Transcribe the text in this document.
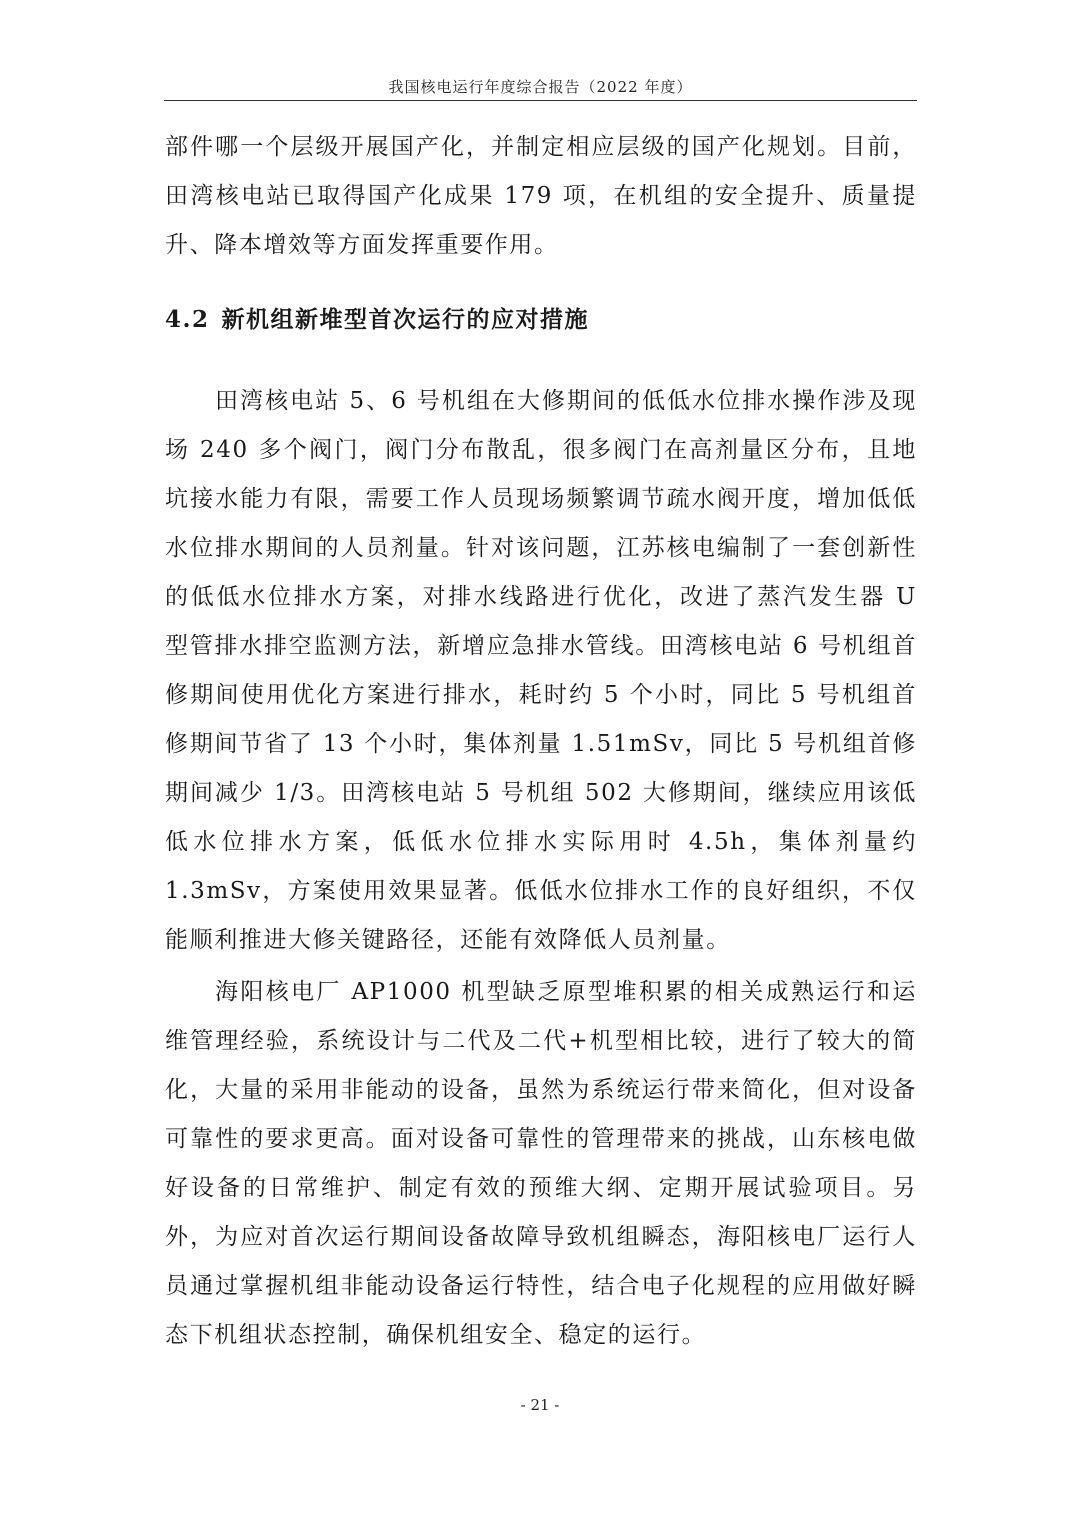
我国核电运行年度综合报告（2022 年度）

部件哪一个层级开展国产化，并制定相应层级的国产化规划。目前，田湾核电站已取得国产化成果 179 项，在机组的安全提升、质量提升、降本增效等方面发挥重要作用。

4.2 新机组新堆型首次运行的应对措施

田湾核电站 5、6 号机组在大修期间的低低水位排水操作涉及现场 240 多个阀门，阀门分布散乱，很多阀门在高剂量区分布，且地坑接水能力有限，需要工作人员现场频繁调节疏水阀开度，增加低低水位排水期间的人员剂量。针对该问题，江苏核电编制了一套创新性的低低水位排水方案，对排水线路进行优化，改进了蒸汽发生器 U 型管排水排空监测方法，新增应急排水管线。田湾核电站 6 号机组首修期间使用优化方案进行排水，耗时约 5 个小时，同比 5 号机组首修期间节省了 13 个小时，集体剂量 1.51mSv，同比 5 号机组首修期间减少 1/3。田湾核电站 5 号机组 502 大修期间，继续应用该低低水位排水方案，低低水位排水实际用时 4.5h，集体剂量约 1.3mSv，方案使用效果显著。低低水位排水工作的良好组织，不仅能顺利推进大修关键路径，还能有效降低人员剂量。

海阳核电厂 AP1000 机型缺乏原型堆积累的相关成熟运行和运维管理经验，系统设计与二代及二代+机型相比较，进行了较大的简化，大量的采用非能动的设备，虽然为系统运行带来简化，但对设备可靠性的要求更高。面对设备可靠性的管理带来的挑战，山东核电做好设备的日常维护、制定有效的预维大纲、定期开展试验项目。另外，为应对首次运行期间设备故障导致机组瞬态，海阳核电厂运行人员通过掌握机组非能动设备运行特性，结合电子化规程的应用做好瞬态下机组状态控制，确保机组安全、稳定的运行。

- 21 -
